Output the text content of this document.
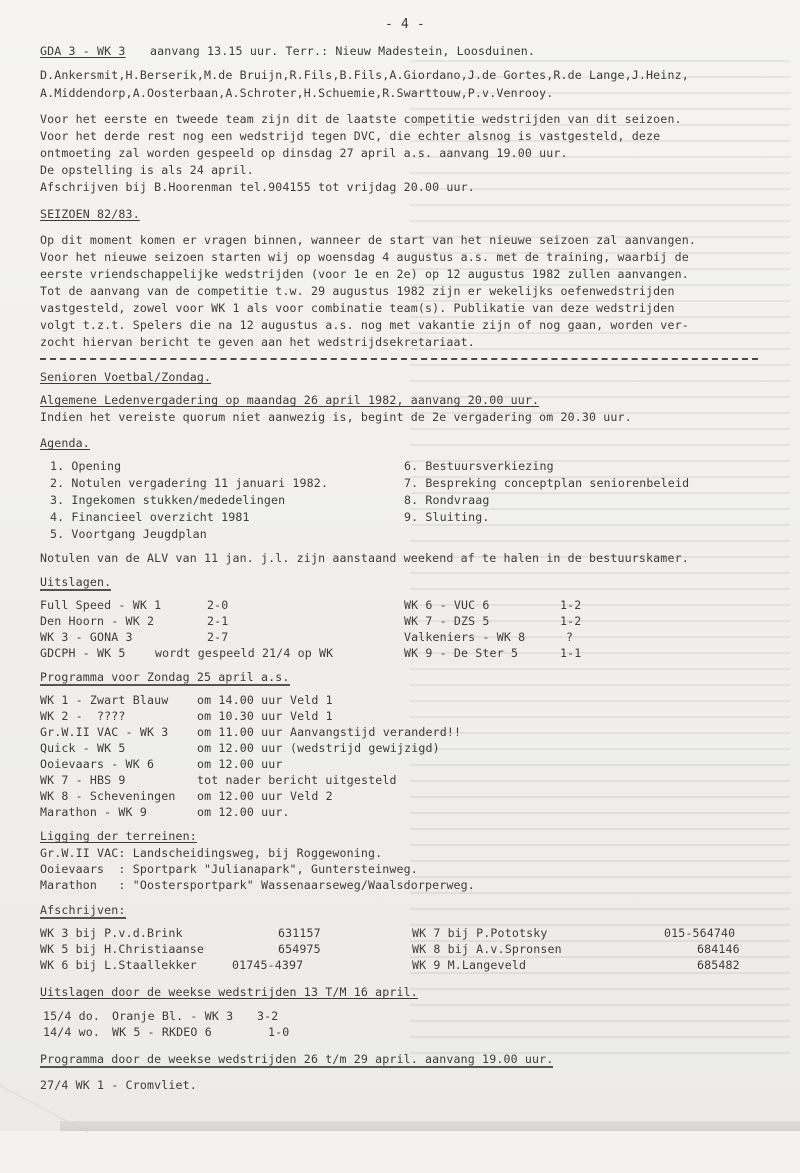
- 4 -
GDA 3 - WK 3 aanvang 13.15 uur. Terr.: Nieuw Madestein, Loosduinen.
D.Ankersmit,H.Berserik,M.de Bruijn,R.Fils,B.Fils,A.Giordano,J.de Gortes,R.de Lange,J.Heinz,
A.Middendorp,A.Oosterbaan,A.Schroter,H.Schuemie,R.Swarttouw,P.v.Venrooy.
Voor het eerste en tweede team zijn dit de laatste competitie wedstrijden van dit seizoen.
Voor het derde rest nog een wedstrijd tegen DVC, die echter alsnog is vastgesteld, deze
ontmoeting zal worden gespeeld op dinsdag 27 april a.s. aanvang 19.00 uur.
De opstelling is als 24 april.
Afschrijven bij B.Hoorenman tel.904155 tot vrijdag 20.00 uur.
SEIZOEN 82/83.
Op dit moment komen er vragen binnen, wanneer de start van het nieuwe seizoen zal aanvangen.
Voor het nieuwe seizoen starten wij op woensdag 4 augustus a.s. met de training, waarbij de
eerste vriendschappelijke wedstrijden (voor 1e en 2e) op 12 augustus 1982 zullen aanvangen.
Tot de aanvang van de competitie t.w. 29 augustus 1982 zijn er wekelijks oefenwedstrijden
vastgesteld, zowel voor WK 1 als voor combinatie team(s). Publikatie van deze wedstrijden
volgt t.z.t. Spelers die na 12 augustus a.s. nog met vakantie zijn of nog gaan, worden ver-
zocht hiervan bericht te geven aan het wedstrijdsekretariaat.
Senioren Voetbal/Zondag.
Algemene Ledenvergadering op maandag 26 april 1982, aanvang 20.00 uur.
Indien het vereiste quorum niet aanwezig is, begint de 2e vergadering om 20.30 uur.
Agenda.
1. Opening
2. Notulen vergadering 11 januari 1982.
3. Ingekomen stukken/mededelingen
4. Financieel overzicht 1981
5. Voortgang Jeugdplan
6. Bestuursverkiezing
7. Bespreking conceptplan seniorenbeleid
8. Rondvraag
9. Sluiting.
Notulen van de ALV van 11 jan. j.l. zijn aanstaand weekend af te halen in de bestuurskamer.
Uitslagen.
Full Speed - WK 1	2-0
Den Hoorn - WK 2	2-1
WK 3 - GONA 3	2-7
GDCPH - WK 5	wordt gespeeld 21/4 op WK
WK 6 - VUC 6	1-2
WK 7 - DZS 5	1-2
Valkeniers - WK 8	?
WK 9 - De Ster 5	1-1
Programma voor Zondag 25 april a.s.
WK 1 - Zwart Blauw om 14.00 uur Veld 1
WK 2 -  ????	om 10.30 uur Veld 1
Gr.W.II VAC - WK 3 om 11.00 uur Aanvangstijd veranderd!!
Quick - WK 5	om 12.00 uur (wedstrijd gewijzigd)
Ooievaars - WK 6	om 12.00 uur
WK 7 - HBS 9	tot nader bericht uitgesteld
WK 8 - Scheveningen om 12.00 uur Veld 2
Marathon - WK 9	om 12.00 uur.
Ligging der terreinen:
Gr.W.II VAC: Landscheidingsweg, bij Roggewoning.
Ooievaars  : Sportpark "Julianapark", Guntersteinweg.
Marathon   : "Oostersportpark" Wassenaarseweg/Waalsdorperweg.
Afschrijven:
WK 3 bij P.v.d.Brink	631157
WK 5 bij H.Christiaanse	654975
WK 6 bij L.Staallekker	01745-4397
WK 7 bij P.Pototsky	015-564740
WK 8 bij A.v.Spronsen	684146
WK 9 M.Langeveld	685482
Uitslagen door de weekse wedstrijden 13 T/M 16 april.
15/4 do. Oranje Bl. - WK 3 3-2
14/4 wo. WK 5 - RKDEO 6	1-0
Programma door de weekse wedstrijden 26 t/m 29 april. aanvang 19.00 uur.
27/4 WK 1 - Cromvliet.
